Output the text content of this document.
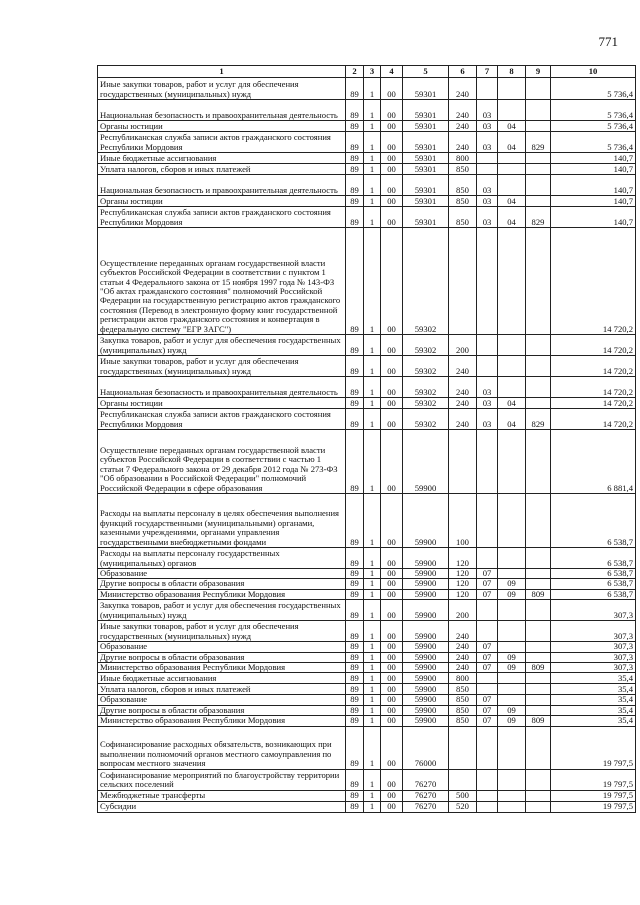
771
1	2	3	4	5	6	7	8	9	10
Иные закупки товаров, работ и услуг для обеспечения государственных (муниципальных) нужд	89	1	00	59301	240				5 736,4
Национальная безопасность и правоохранительная деятельность	89	1	00	59301	240	03			5 736,4
Органы юстиции	89	1	00	59301	240	03	04		5 736,4
Республиканская служба записи актов гражданского состояния Республики Мордовия	89	1	00	59301	240	03	04	829	5 736,4
Иные бюджетные ассигнования	89	1	00	59301	800				140,7
Уплата налогов, сборов и иных платежей	89	1	00	59301	850				140,7
Национальная безопасность и правоохранительная деятельность	89	1	00	59301	850	03			140,7
Органы юстиции	89	1	00	59301	850	03	04		140,7
Республиканская служба записи актов гражданского состояния Республики Мордовия	89	1	00	59301	850	03	04	829	140,7
Осуществление переданных органам государственной власти субъектов Российской Федерации в соответствии с пунктом 1 статьи 4 Федерального закона от 15 ноября 1997 года № 143-ФЗ "Об актах гражданского состояния" полномочий Российской Федерации на государственную регистрацию актов гражданского состояния (Перевод в электронную форму книг государственной регистрации актов гражданского состояния и конвертация в федеральную систему "ЕГР ЗАГС")	89	1	00	59302					14 720,2
Закупка товаров, работ и услуг для обеспечения государственных (муниципальных) нужд	89	1	00	59302	200				14 720,2
Иные закупки товаров, работ и услуг для обеспечения государственных (муниципальных) нужд	89	1	00	59302	240				14 720,2
Национальная безопасность и правоохранительная деятельность	89	1	00	59302	240	03			14 720,2
Органы юстиции	89	1	00	59302	240	03	04		14 720,2
Республиканская служба записи актов гражданского состояния Республики Мордовия	89	1	00	59302	240	03	04	829	14 720,2
Осуществление переданных органам государственной власти субъектов Российской Федерации в соответствии с частью 1 статьи 7 Федерального закона от 29 декабря 2012 года № 273-ФЗ "Об образовании в Российской Федерации" полномочий Российской Федерации в сфере образования	89	1	00	59900					6 881,4
Расходы на выплаты персоналу в целях обеспечения выполнения функций государственными (муниципальными) органами, казенными учреждениями, органами управления государственными внебюджетными фондами	89	1	00	59900	100				6 538,7
Расходы на выплаты персоналу государственных (муниципальных) органов	89	1	00	59900	120				6 538,7
Образование	89	1	00	59900	120	07			6 538,7
Другие вопросы в области образования	89	1	00	59900	120	07	09		6 538,7
Министерство образования Республики Мордовия	89	1	00	59900	120	07	09	809	6 538,7
Закупка товаров, работ и услуг для обеспечения государственных (муниципальных) нужд	89	1	00	59900	200				307,3
Иные закупки товаров, работ и услуг для обеспечения государственных (муниципальных) нужд	89	1	00	59900	240				307,3
Образование	89	1	00	59900	240	07			307,3
Другие вопросы в области образования	89	1	00	59900	240	07	09		307,3
Министерство образования Республики Мордовия	89	1	00	59900	240	07	09	809	307,3
Иные бюджетные ассигнования	89	1	00	59900	800				35,4
Уплата налогов, сборов и иных платежей	89	1	00	59900	850				35,4
Образование	89	1	00	59900	850	07			35,4
Другие вопросы в области образования	89	1	00	59900	850	07	09		35,4
Министерство образования Республики Мордовия	89	1	00	59900	850	07	09	809	35,4
Софинансирование расходных обязательств, возникающих при выполнении полномочий органов местного самоуправления по вопросам местного значения	89	1	00	76000					19 797,5
Софинансирование мероприятий по благоустройству территории сельских поселений	89	1	00	76270					19 797,5
Межбюджетные трансферты	89	1	00	76270	500				19 797,5
Субсидии	89	1	00	76270	520				19 797,5
